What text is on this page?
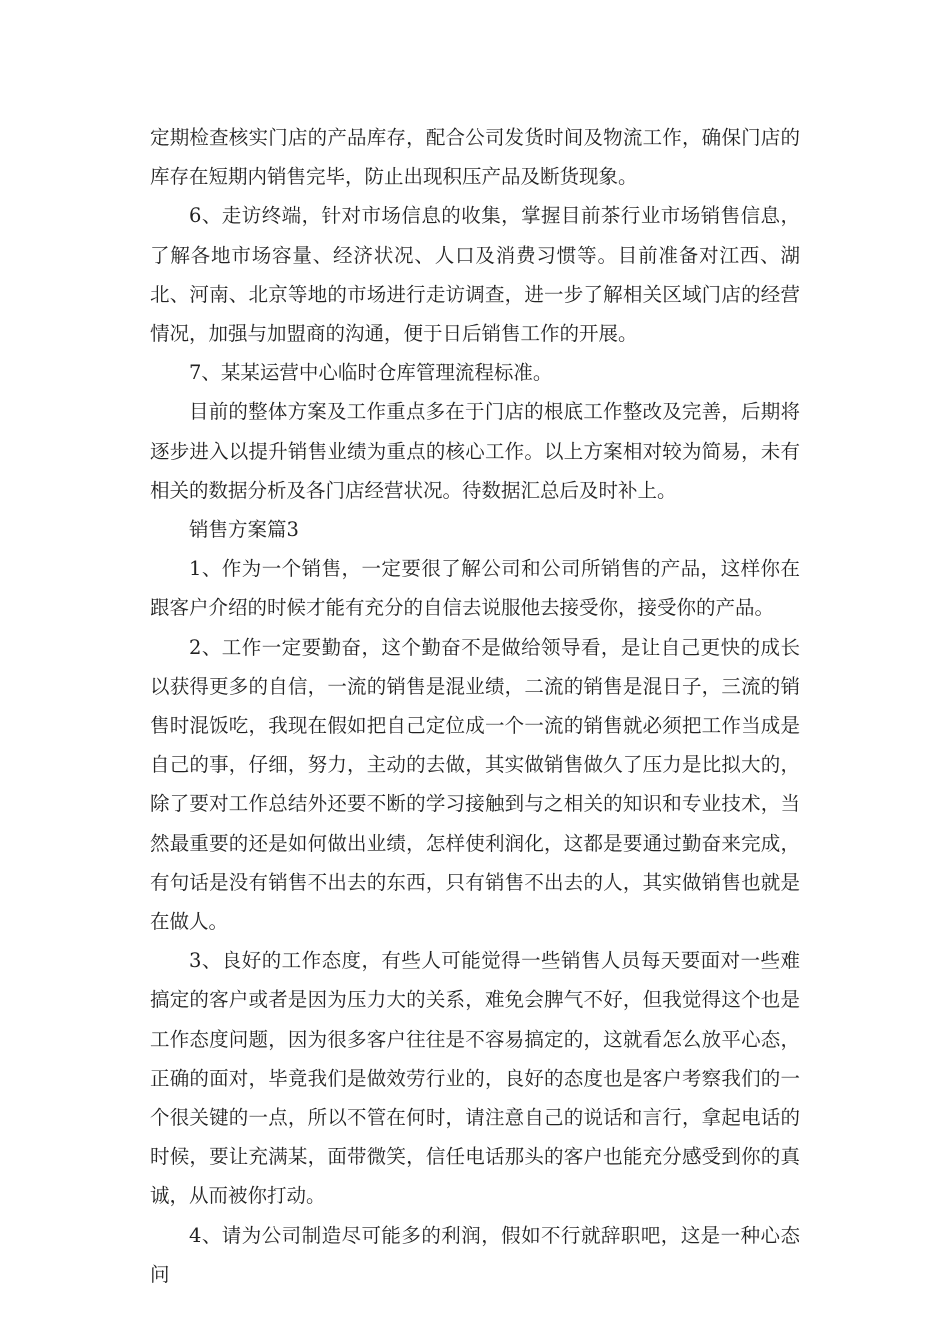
定期检查核实门店的产品库存，配合公司发货时间及物流工作，确保门店的库存在短期内销售完毕，防止出现积压产品及断货现象。

6、走访终端，针对市场信息的收集，掌握目前茶行业市场销售信息，了解各地市场容量、经济状况、人口及消费习惯等。目前准备对江西、湖北、河南、北京等地的市场进行走访调查，进一步了解相关区域门店的经营情况，加强与加盟商的沟通，便于日后销售工作的开展。

7、某某运营中心临时仓库管理流程标准。

目前的整体方案及工作重点多在于门店的根底工作整改及完善，后期将逐步进入以提升销售业绩为重点的核心工作。以上方案相对较为简易，未有相关的数据分析及各门店经营状况。待数据汇总后及时补上。

销售方案篇3

1、作为一个销售，一定要很了解公司和公司所销售的产品，这样你在跟客户介绍的时候才能有充分的自信去说服他去接受你，接受你的产品。

2、工作一定要勤奋，这个勤奋不是做给领导看，是让自己更快的成长以获得更多的自信，一流的销售是混业绩，二流的销售是混日子，三流的销售时混饭吃，我现在假如把自己定位成一个一流的销售就必须把工作当成是自己的事，仔细，努力，主动的去做，其实做销售做久了压力是比拟大的，除了要对工作总结外还要不断的学习接触到与之相关的知识和专业技术，当然最重要的还是如何做出业绩，怎样使利润化，这都是要通过勤奋来完成，有句话是没有销售不出去的东西，只有销售不出去的人，其实做销售也就是在做人。

3、良好的工作态度，有些人可能觉得一些销售人员每天要面对一些难搞定的客户或者是因为压力大的关系，难免会脾气不好，但我觉得这个也是工作态度问题，因为很多客户往往是不容易搞定的，这就看怎么放平心态，正确的面对，毕竟我们是做效劳行业的，良好的态度也是客户考察我们的一个很关键的一点，所以不管在何时，请注意自己的说话和言行，拿起电话的时候，要让充满某，面带微笑，信任电话那头的客户也能充分感受到你的真诚，从而被你打动。

4、请为公司制造尽可能多的利润，假如不行就辞职吧，这是一种心态问
